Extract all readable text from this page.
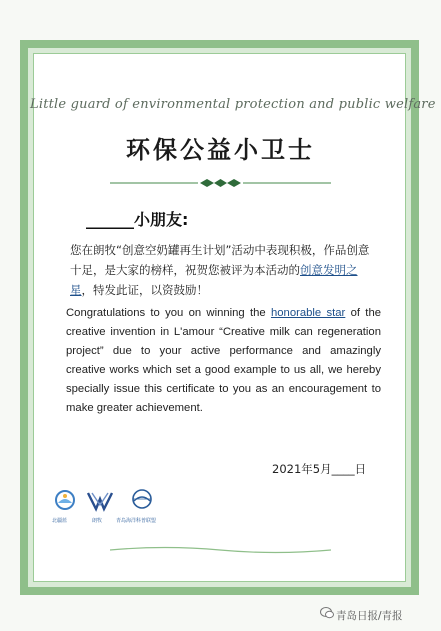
Little guard of environmental protection and public welfare
环保公益小卫士
______小朋友:
您在朗牧“创意空奶罐再生计划”活动中表现积极，作品创意十足，是大家的榜样，祝贺您被评为本活动的创意发明之星，特发此证，以资鼓励！
Congratulations to you on winning the honorable star of the creative invention in L'amour “Creative milk can regeneration project” due to your active performance and amazingly creative works which set a good example to us all, we hereby specially issue this certificate to you as an encouragement to make greater achievement.
2021年5月____日
北疆蓝	朗牧	青岛海洋科普联盟
青岛日报/青报
